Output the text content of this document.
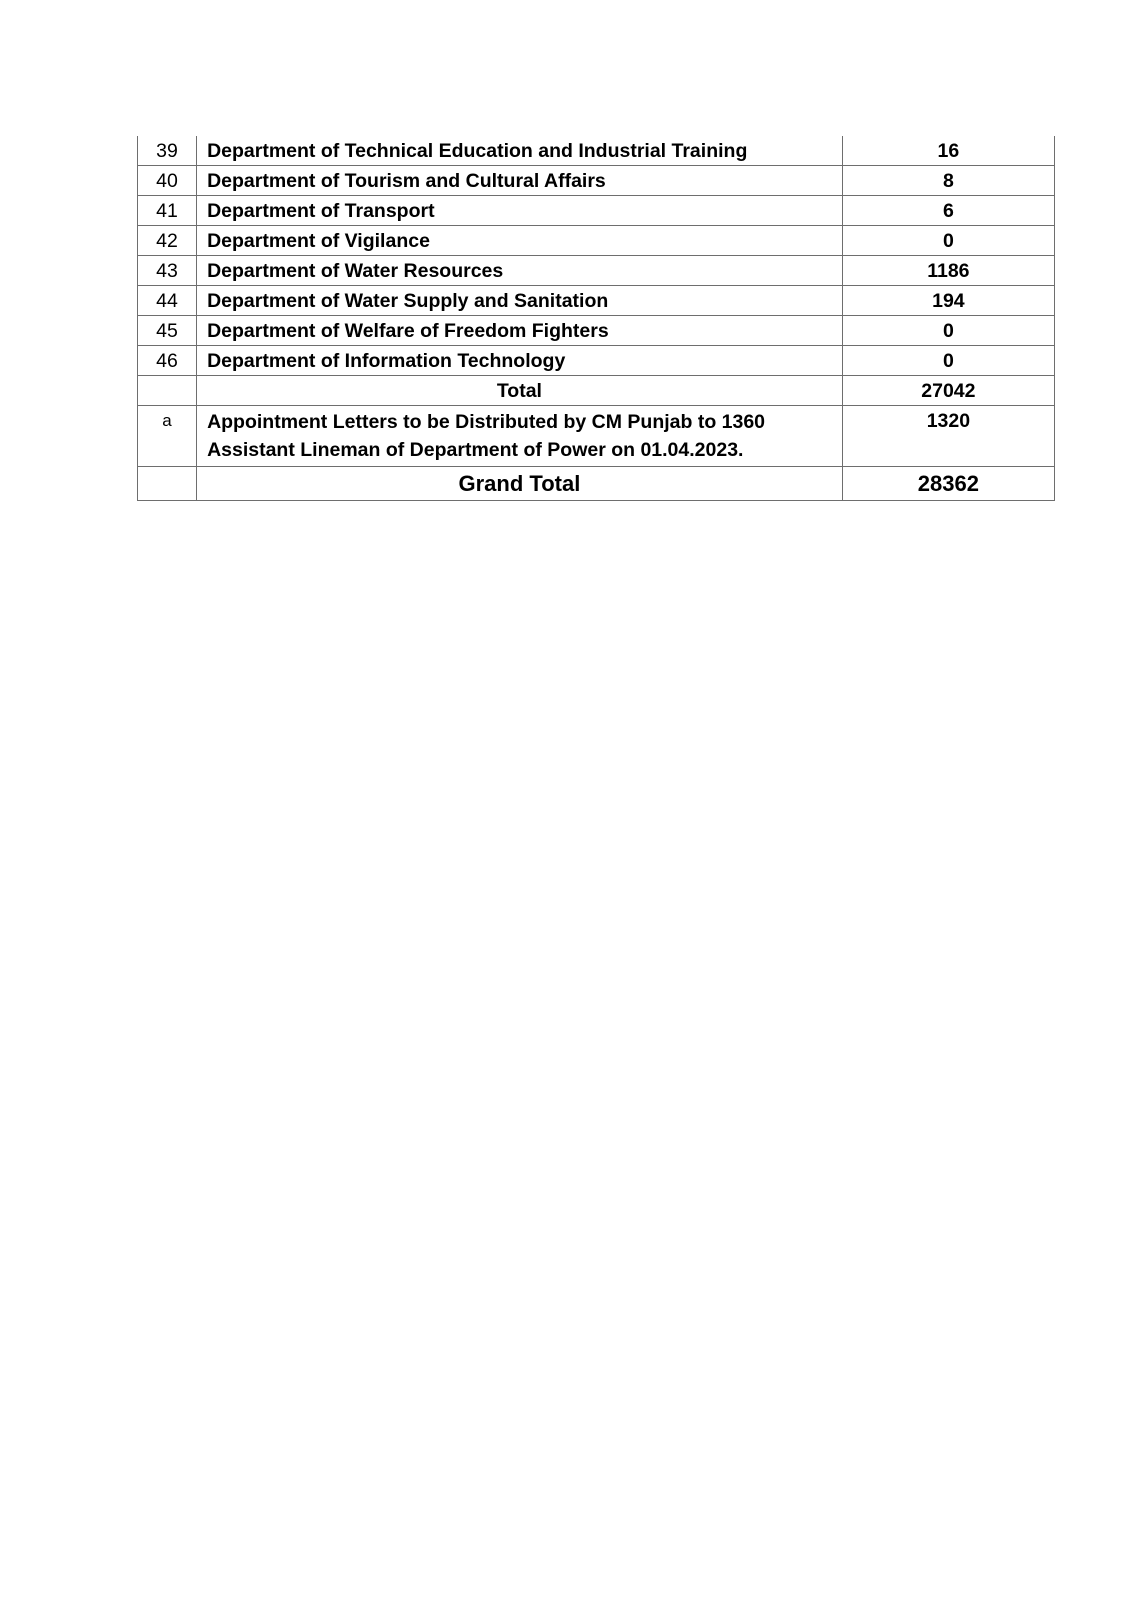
39	Department of Technical Education and Industrial Training	16
40	Department of Tourism and Cultural Affairs	8
41	Department of Transport	6
42	Department of Vigilance	0
43	Department of Water Resources	1186
44	Department of Water Supply and Sanitation	194
45	Department of Welfare of Freedom Fighters	0
46	Department of Information Technology	0
	Total	27042
a	Appointment Letters to be Distributed by CM Punjab to 1360 Assistant Lineman of Department of Power on 01.04.2023.	1320
	Grand Total	28362
